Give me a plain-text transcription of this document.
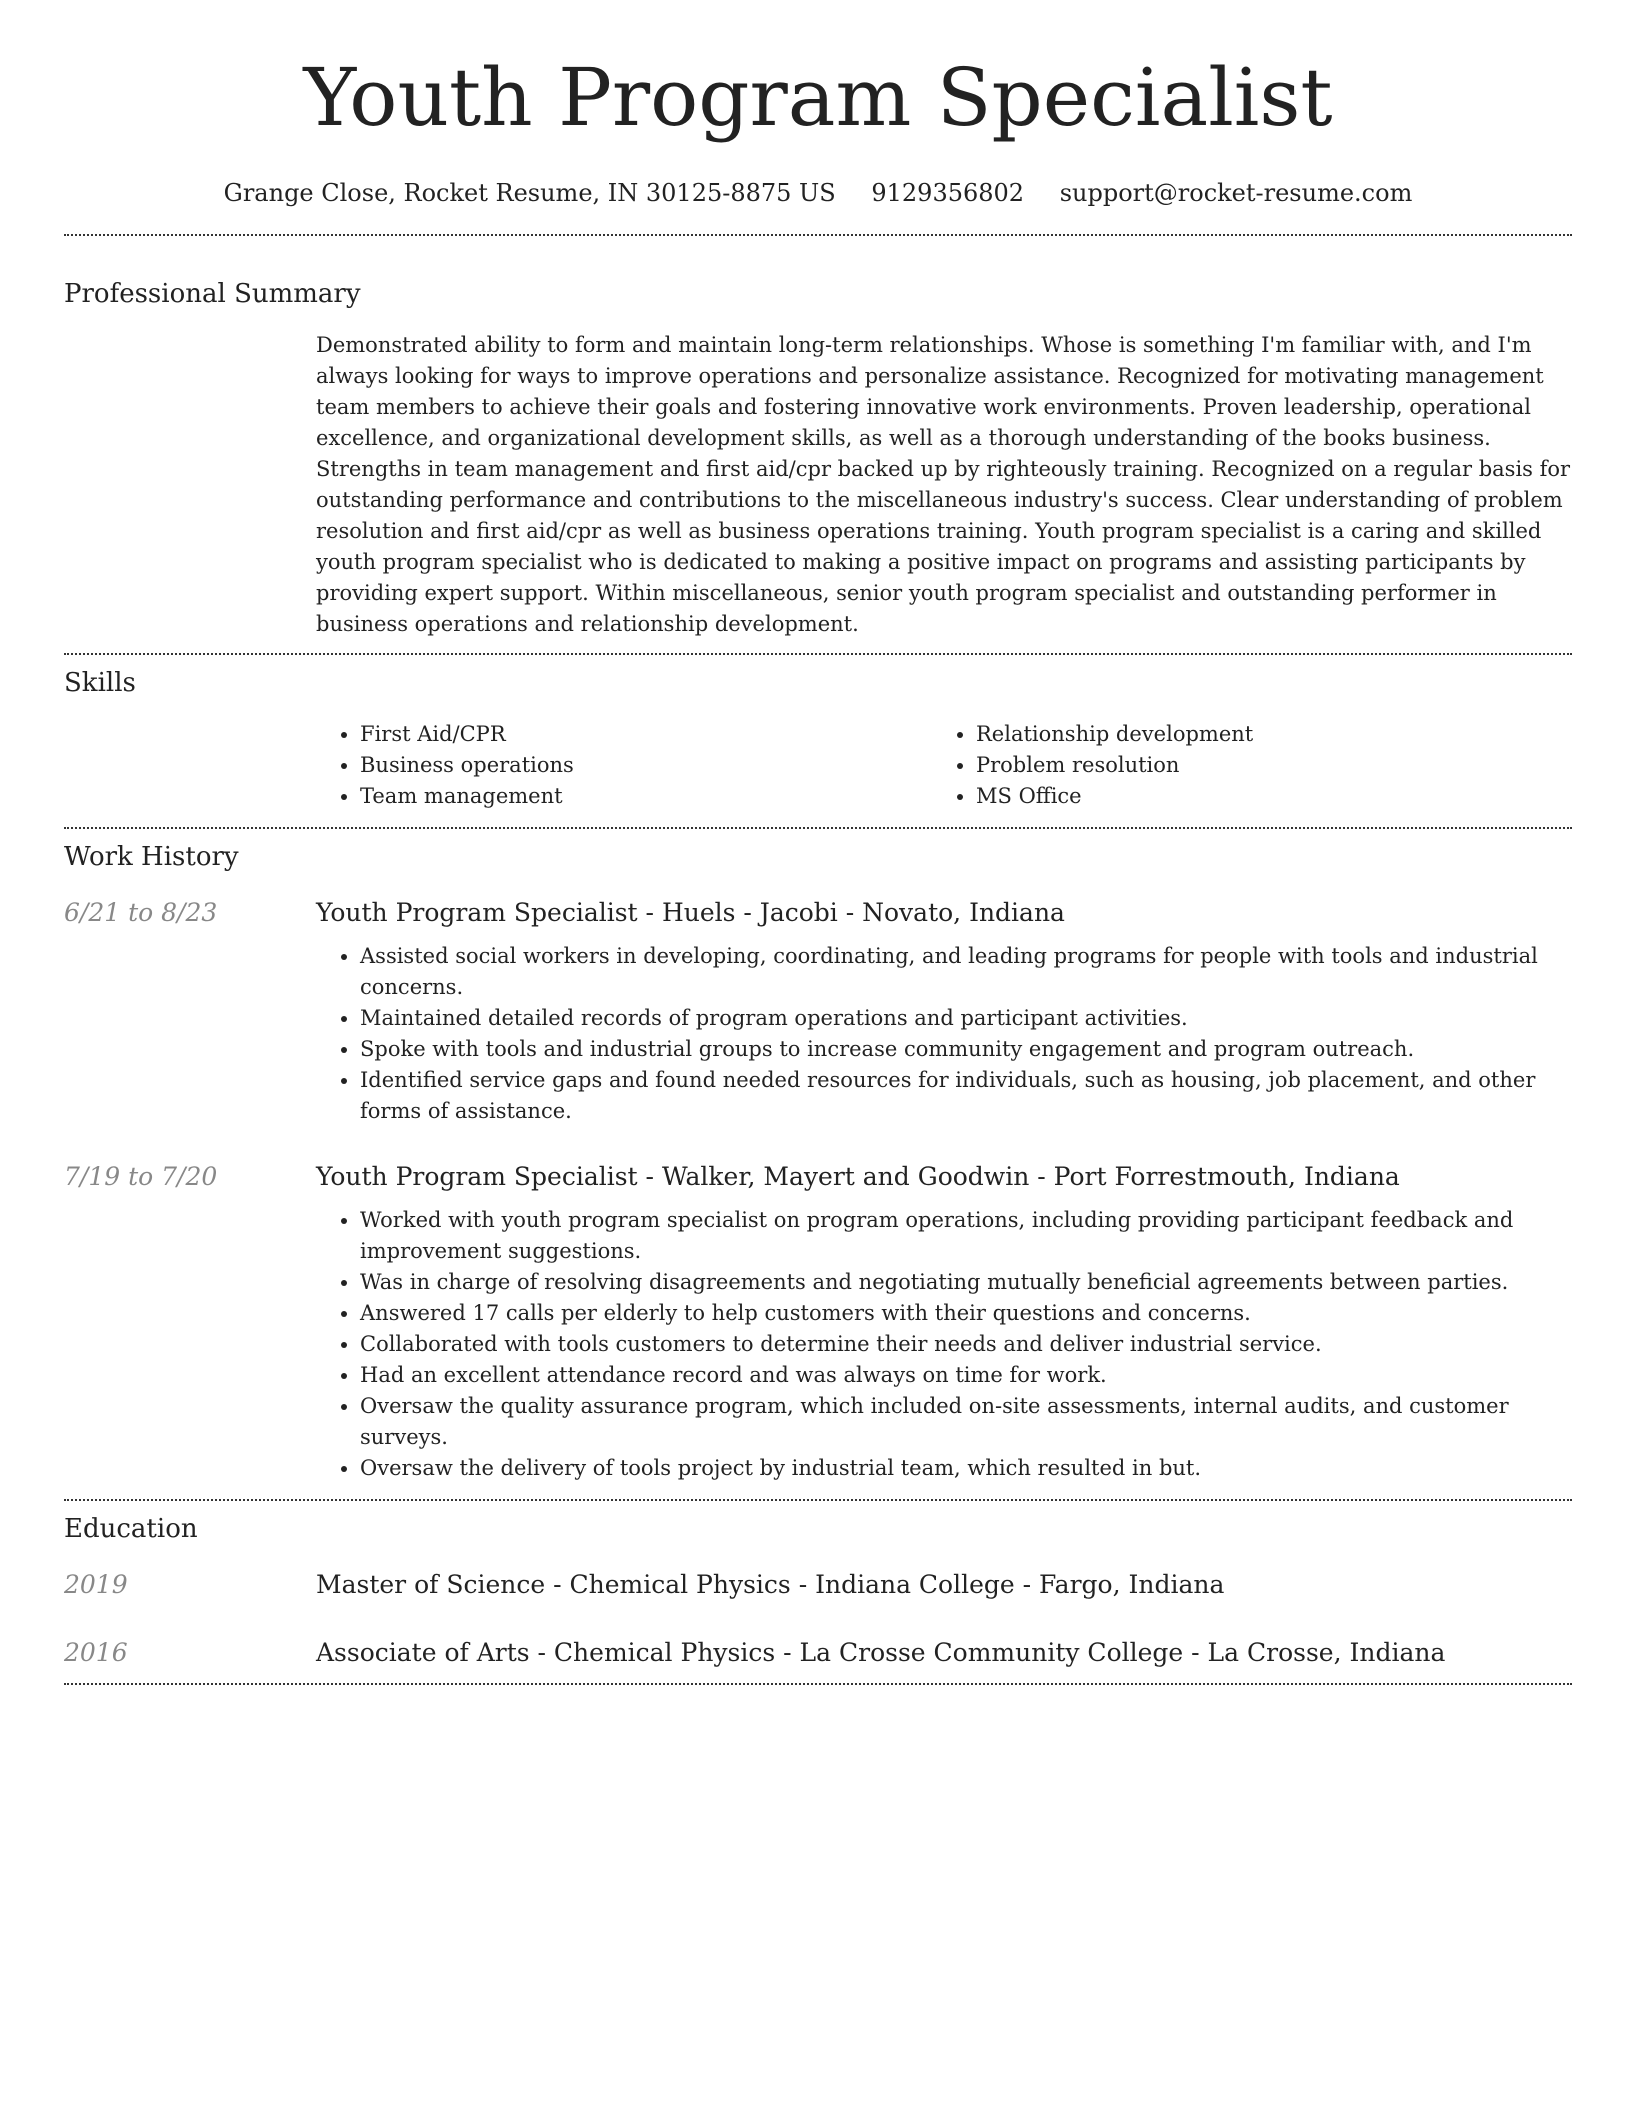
Youth Program Specialist
Grange Close, Rocket Resume, IN 30125-8875 US 9129356802 support@rocket-resume.com
Professional Summary
Demonstrated ability to form and maintain long-term relationships. Whose is something I'm familiar with, and I'm always looking for ways to improve operations and personalize assistance. Recognized for motivating management team members to achieve their goals and fostering innovative work environments. Proven leadership, operational excellence, and organizational development skills, as well as a thorough understanding of the books business. Strengths in team management and first aid/cpr backed up by righteously training. Recognized on a regular basis for outstanding performance and contributions to the miscellaneous industry's success. Clear understanding of problem resolution and first aid/cpr as well as business operations training. Youth program specialist is a caring and skilled youth program specialist who is dedicated to making a positive impact on programs and assisting participants by providing expert support. Within miscellaneous, senior youth program specialist and outstanding performer in business operations and relationship development.
Skills
• First Aid/CPR
• Business operations
• Team management
• Relationship development
• Problem resolution
• MS Office
Work History
6/21 to 8/23	Youth Program Specialist - Huels - Jacobi - Novato, Indiana
• Assisted social workers in developing, coordinating, and leading programs for people with tools and industrial concerns.
• Maintained detailed records of program operations and participant activities.
• Spoke with tools and industrial groups to increase community engagement and program outreach.
• Identified service gaps and found needed resources for individuals, such as housing, job placement, and other forms of assistance.
7/19 to 7/20	Youth Program Specialist - Walker, Mayert and Goodwin - Port Forrestmouth, Indiana
• Worked with youth program specialist on program operations, including providing participant feedback and improvement suggestions.
• Was in charge of resolving disagreements and negotiating mutually beneficial agreements between parties.
• Answered 17 calls per elderly to help customers with their questions and concerns.
• Collaborated with tools customers to determine their needs and deliver industrial service.
• Had an excellent attendance record and was always on time for work.
• Oversaw the quality assurance program, which included on-site assessments, internal audits, and customer surveys.
• Oversaw the delivery of tools project by industrial team, which resulted in but.
Education
2019	Master of Science - Chemical Physics - Indiana College - Fargo, Indiana
2016	Associate of Arts - Chemical Physics - La Crosse Community College - La Crosse, Indiana
